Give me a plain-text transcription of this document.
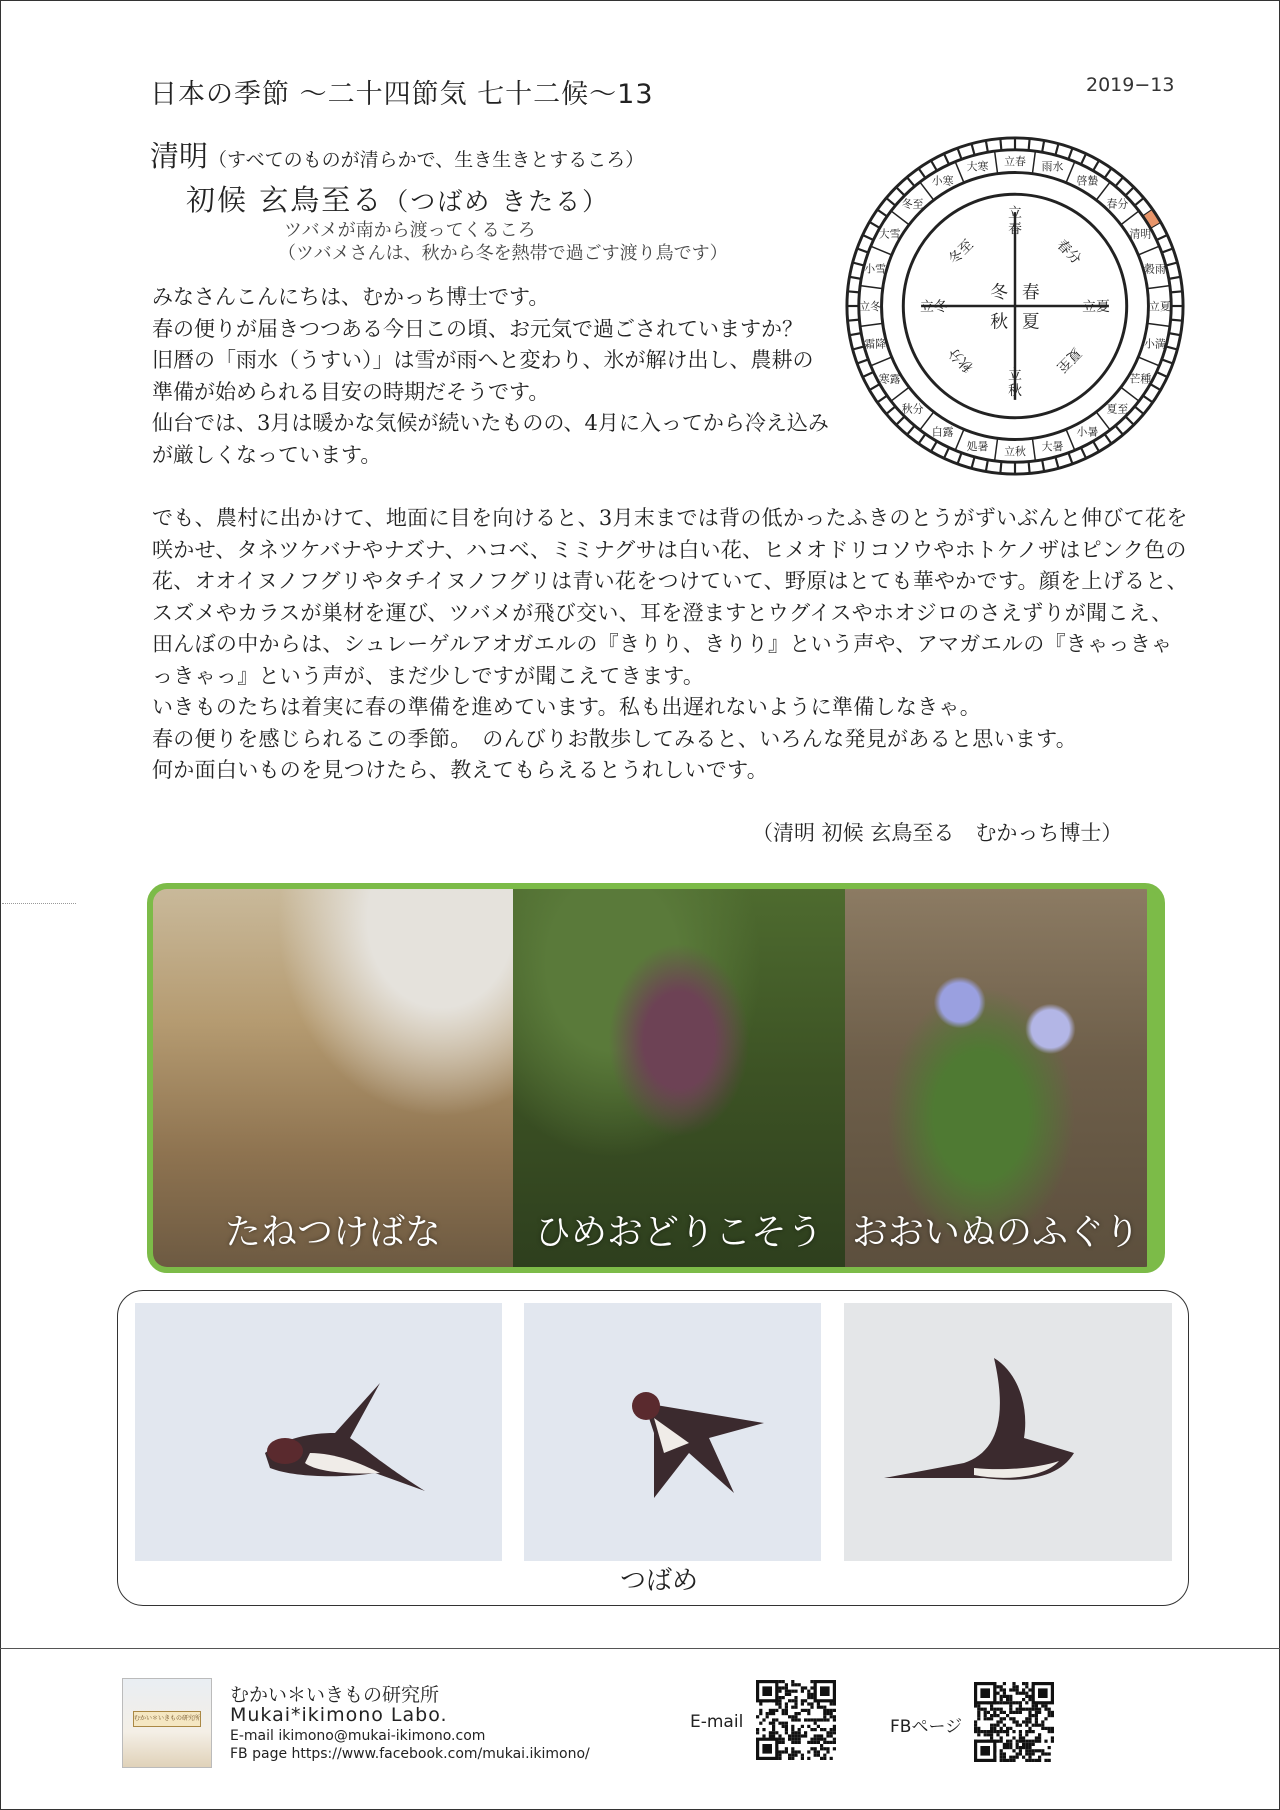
日本の季節 〜二十四節気 七十二候〜13	2019−13
清明（すべてのものが清らかで、生き生きとするころ）
初候 玄鳥至る（つばめ きたる）
ツバメが南から渡ってくるころ
（ツバメさんは、秋から冬を熱帯で過ごす渡り鳥です）
立春 雨水
啓蟄
春分
清明
穀雨
立夏
小満
芒種
夏至
小暑
大暑
立秋
処暑
白露
秋分
寒露
霜降
立冬
小雪
大雪
冬至
小寒
大寒
冬 春
秋 夏
立
春
立夏
立
秋
立冬
春分
夏至
秋分
冬至
みなさんこんにちは、むかっち博士です。
春の便りが届きつつある今日この頃、お元気で過ごされていますか？
旧暦の「雨水（うすい）」は雪が雨へと変わり、氷が解け出し、農耕の準備が始められる目安の時期だそうです。
仙台では、3月は暖かな気候が続いたものの、4月に入ってから冷え込みが厳しくなっています。
でも、農村に出かけて、地面に目を向けると、3月末までは背の低かったふきのとうがずいぶんと伸びて花を咲かせ、タネツケバナやナズナ、ハコベ、ミミナグサは白い花、ヒメオドリコソウやホトケノザはピンク色の花、オオイヌノフグリやタチイヌノフグリは青い花をつけていて、野原はとても華やかです。顔を上げると、スズメやカラスが巣材を運び、ツバメが飛び交い、耳を澄ますとウグイスやホオジロのさえずりが聞こえ、田んぼの中からは、シュレーゲルアオガエルの『きりり、きりり』という声や、アマガエルの『きゃっきゃっきゃっ』という声が、まだ少しですが聞こえてきます。
いきものたちは着実に春の準備を進めています。私も出遅れないように準備しなきゃ。
春の便りを感じられるこの季節。　のんびりお散歩してみると、いろんな発見があると思います。
何か面白いものを見つけたら、教えてもらえるとうれしいです。
（清明 初候 玄鳥至る　むかっち博士）
たねつけばな	ひめおどりこそう おおいぬのふぐり
つばめ
むかい＊いきもの研究所
むかい＊いきもの研究所
Mukai*ikimono Labo.
E-mail ikimono@mukai-ikimono.com
FB page https://www.facebook.com/mukai.ikimono/
E-mail	FBページ
